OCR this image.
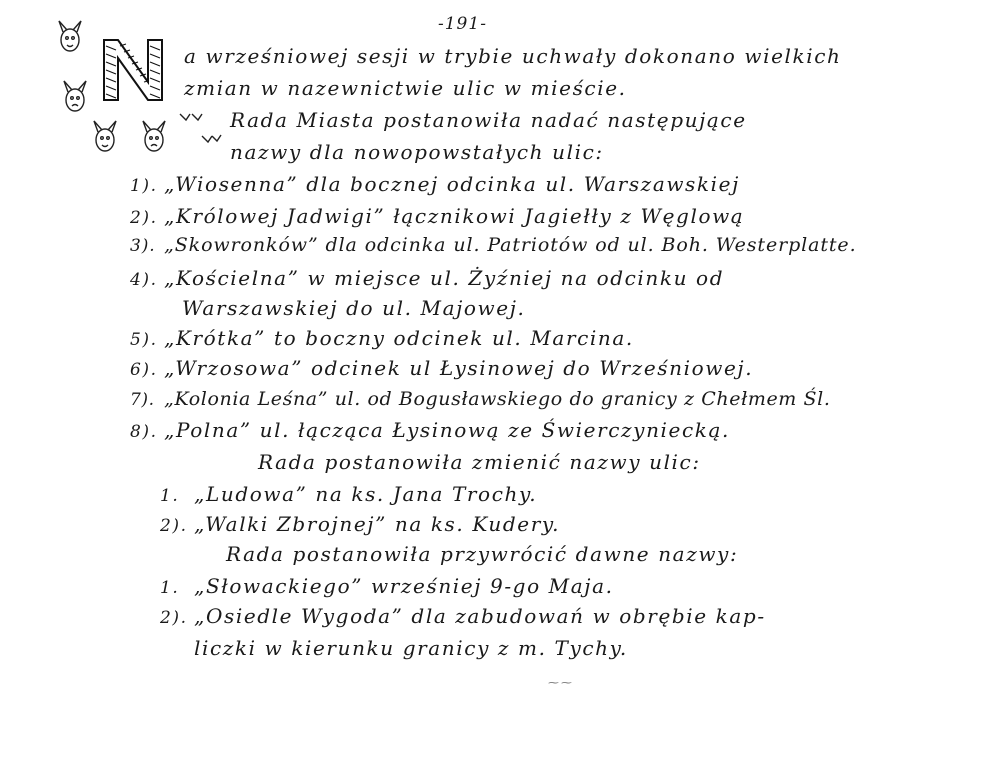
-191-
a wrześniowej sesji w trybie uchwały dokonano wielkich
zmian w nazewnictwie ulic w mieście.
Rada Miasta postanowiła nadać następujące
nazwy dla nowopowstałych ulic:
1). „Wiosenna” dla bocznej odcinka ul. Warszawskiej
2). „Królowej Jadwigi” łącznikowi Jagiełły z Węglową
3). „Skowronków” dla odcinka ul. Patriotów od ul. Boh. Westerplatte.
4). „Kościelna” w miejsce ul. Żyźniej na odcinku od
Warszawskiej do ul. Majowej.
5). „Krótka” to boczny odcinek ul. Marcina.
6). „Wrzosowa” odcinek ul Łysinowej do Wrześniowej.
7). „Kolonia Leśna” ul. od Bogusławskiego do granicy z Chełmem Śl.
8). „Polna” ul. łącząca Łysinową ze Świerczyniecką.
Rada postanowiła zmienić nazwy ulic:
1. „Ludowa” na ks. Jana Trochy.
2). „Walki Zbrojnej” na ks. Kudery.
Rada postanowiła przywrócić dawne nazwy:
1. „Słowackiego” wrześniej 9-go Maja.
2). „Osiedle Wygoda” dla zabudowań w obrębie kap-
liczki w kierunku granicy z m. Tychy.
⁓⁓
